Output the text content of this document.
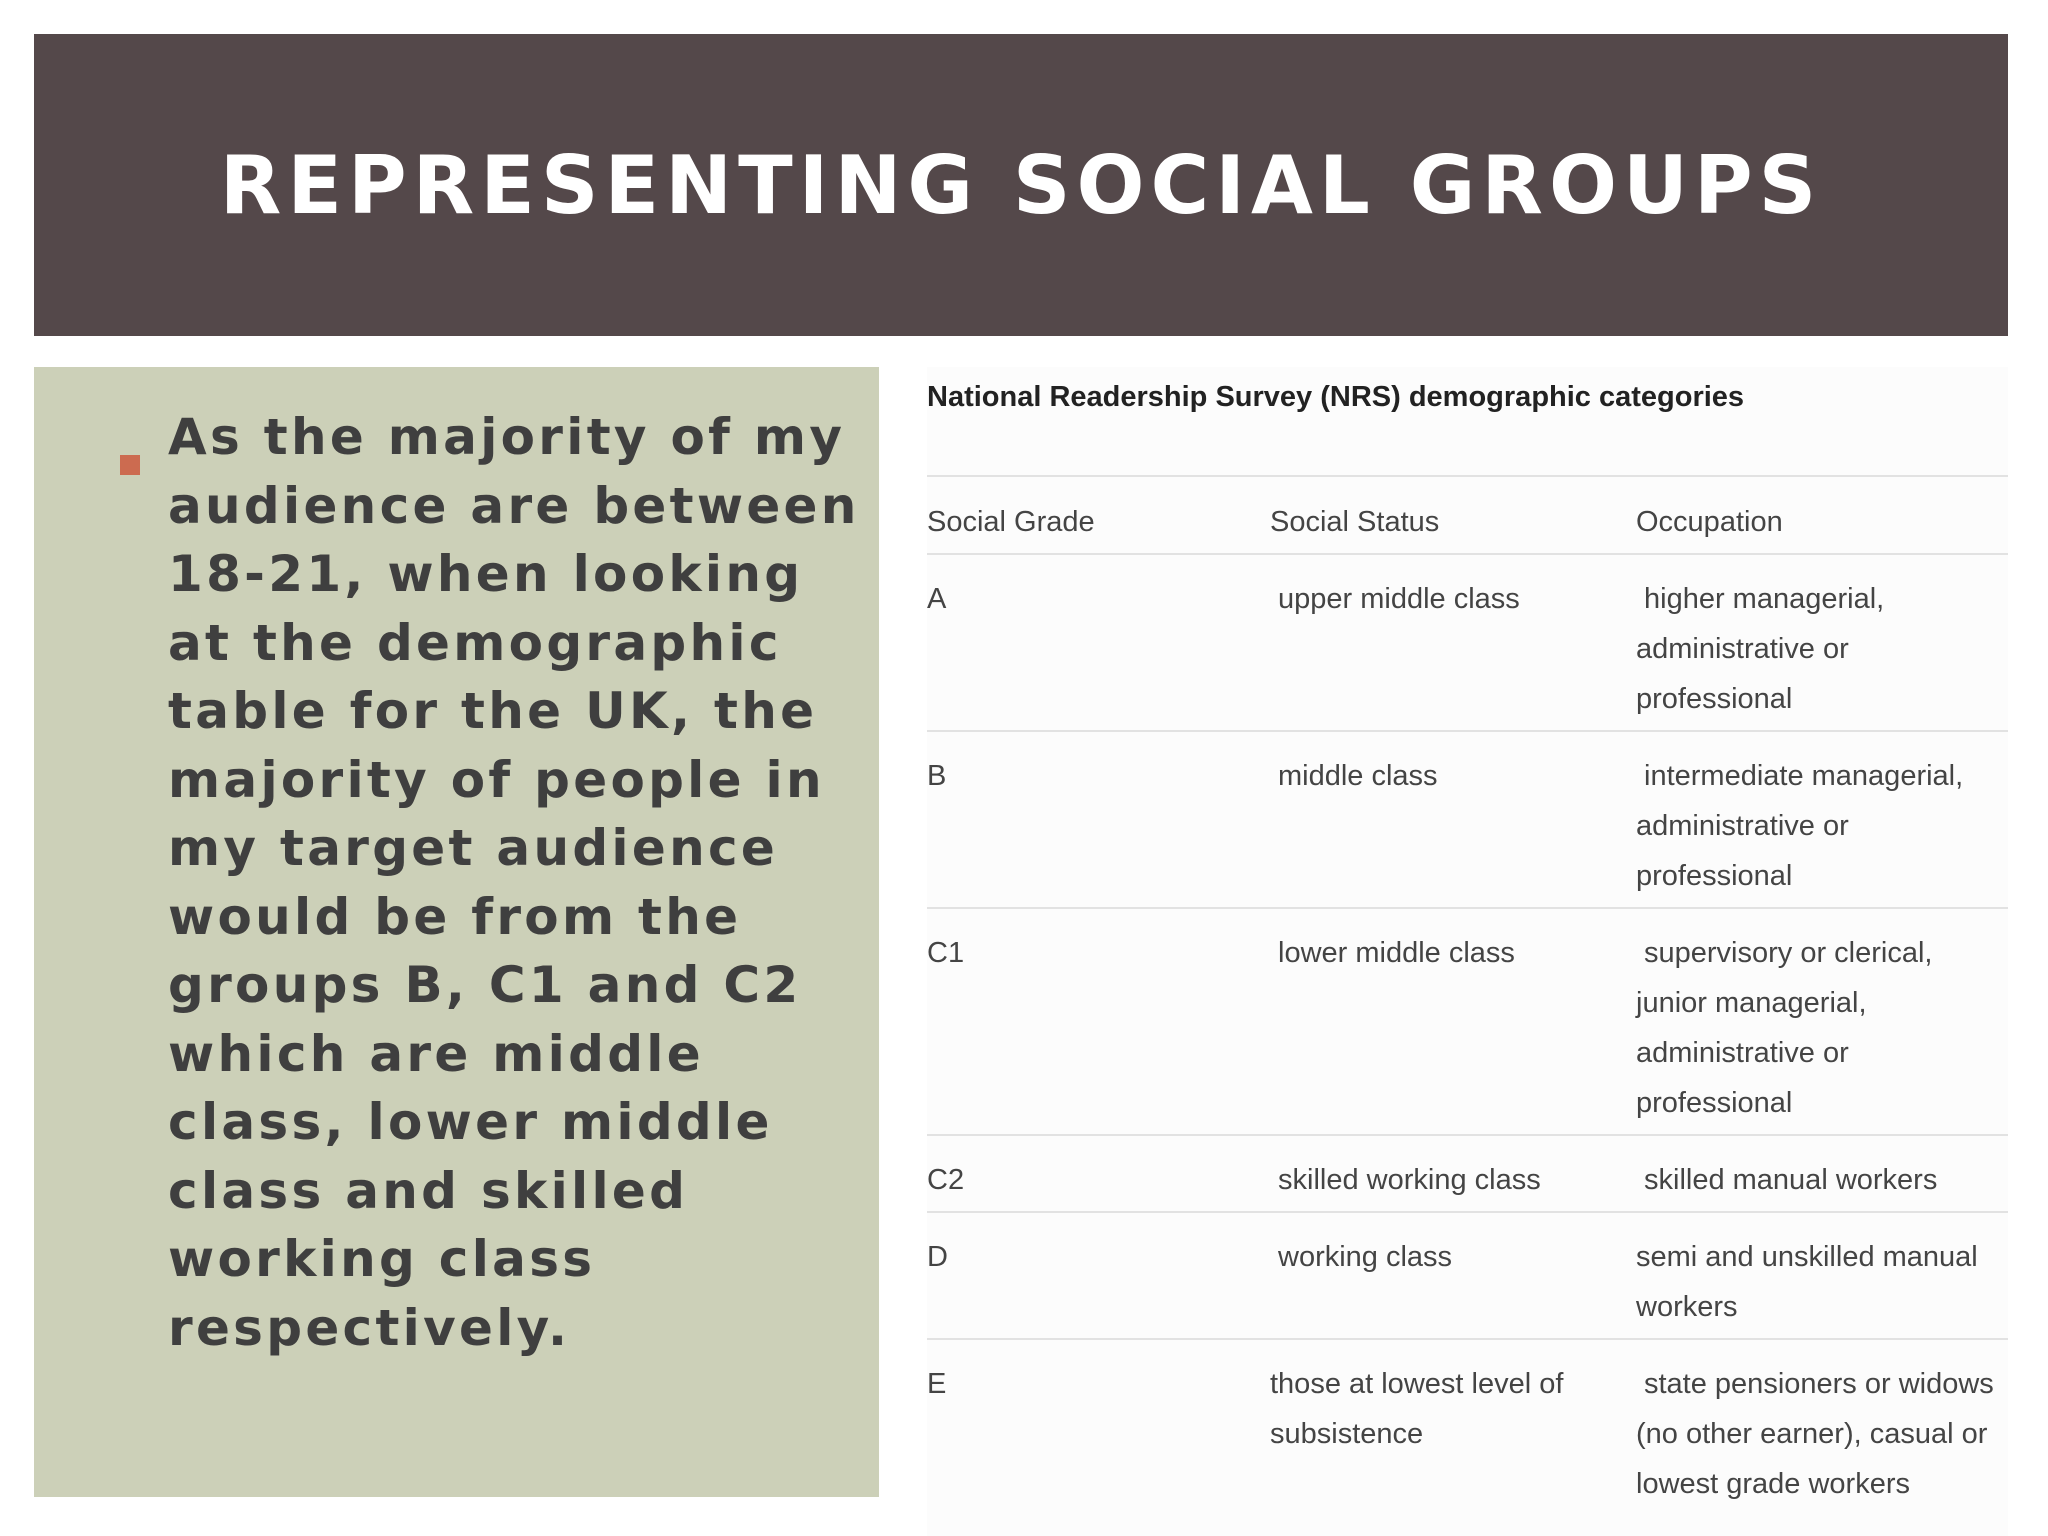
REPRESENTING SOCIAL GROUPS
As the majority of my audience are between 18-21, when looking at the demographic table for the UK, the majority of people in my target audience would be from the groups B, C1 and C2 which are middle class, lower middle class and skilled working class respectively.
National Readership Survey (NRS) demographic categories
Social Grade	Social Status	Occupation
A	upper middle class	higher managerial, administrative or professional
B	middle class	intermediate managerial, administrative or professional
C1	lower middle class	supervisory or clerical, junior managerial, administrative or professional
C2	skilled working class	skilled manual workers
D	working class	semi and unskilled manual workers
E	those at lowest level of subsistence	state pensioners or widows (no other earner), casual or lowest grade workers
